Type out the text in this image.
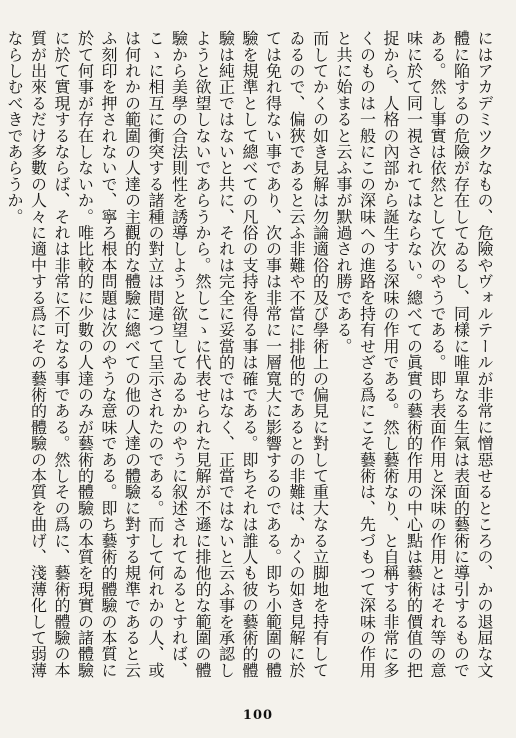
にはアカデミツクなもの、危險やヴォルテールが非常に憎惡せるところの、かの退屈な文體に陥するの危險が存在してゐるし、同樣に唯單なる生氣は表面的藝術に導引するものである。然し事實は依然として次のやうである。即ち表面作用と深味の作用とはそれ等の意味に於て同一視されてはならない。總べての眞實の藝術的作用の中心點は藝術的價值の把捉から、人格の內部から誕生する深味の作用である。然し藝術なり、と自稱する非常に多くのものは一般にこの深味への進路を持有せざる爲にこそ藝術は、先づもつて深味の作用と共に始まると云ふ事が默過され勝である。
而してかくの如き見解は勿論適俗的及び學術上の偏見に對して重大なる立脚地を持有してゐるので、偏狹であると云ふ非難や不當に排他的であるとの非難は、かくの如き見解に於ては免れ得ない事であり、次の事は非常に一層寬大に影響するのである。即ち小範圍の體驗を規準として總べての凡俗の支持を得る事は確である。即ちそれは誰人も彼の藝術的體驗は純正ではないと共に、それは完全に妥當的ではなく、正當ではないと云ふ事を承認しようと欲望しないであらうから。然しこゝに代表せられた見解が不遜に排他的な範圍の體驗から美學の合法則性を誘導しようと欲望してゐるかのやうに叙述されてゐるとすれば、こゝに相互に衝突する諸種の對立は間違つて呈示されたのである。而して何れかの人、或は何れかの範圍の人達の主觀的な體驗に總べての他の人達の體驗に對する規準であると云ふ刻印を押されないで、寧ろ根本問題は次のやうな意味である。即ち藝術的體驗の本質に於て何事が存在しないか。唯比較的に少數の人達のみが藝術的體驗の本質を現實の諸體驗に於て實現するならば、それは非常に不可なる事である。然しその爲に、藝術的體驗の本質が出來るだけ多數の人々に適中する爲にその藝術的體驗の本質を曲げ、淺薄化して弱薄ならしむべきであらうか。

100
